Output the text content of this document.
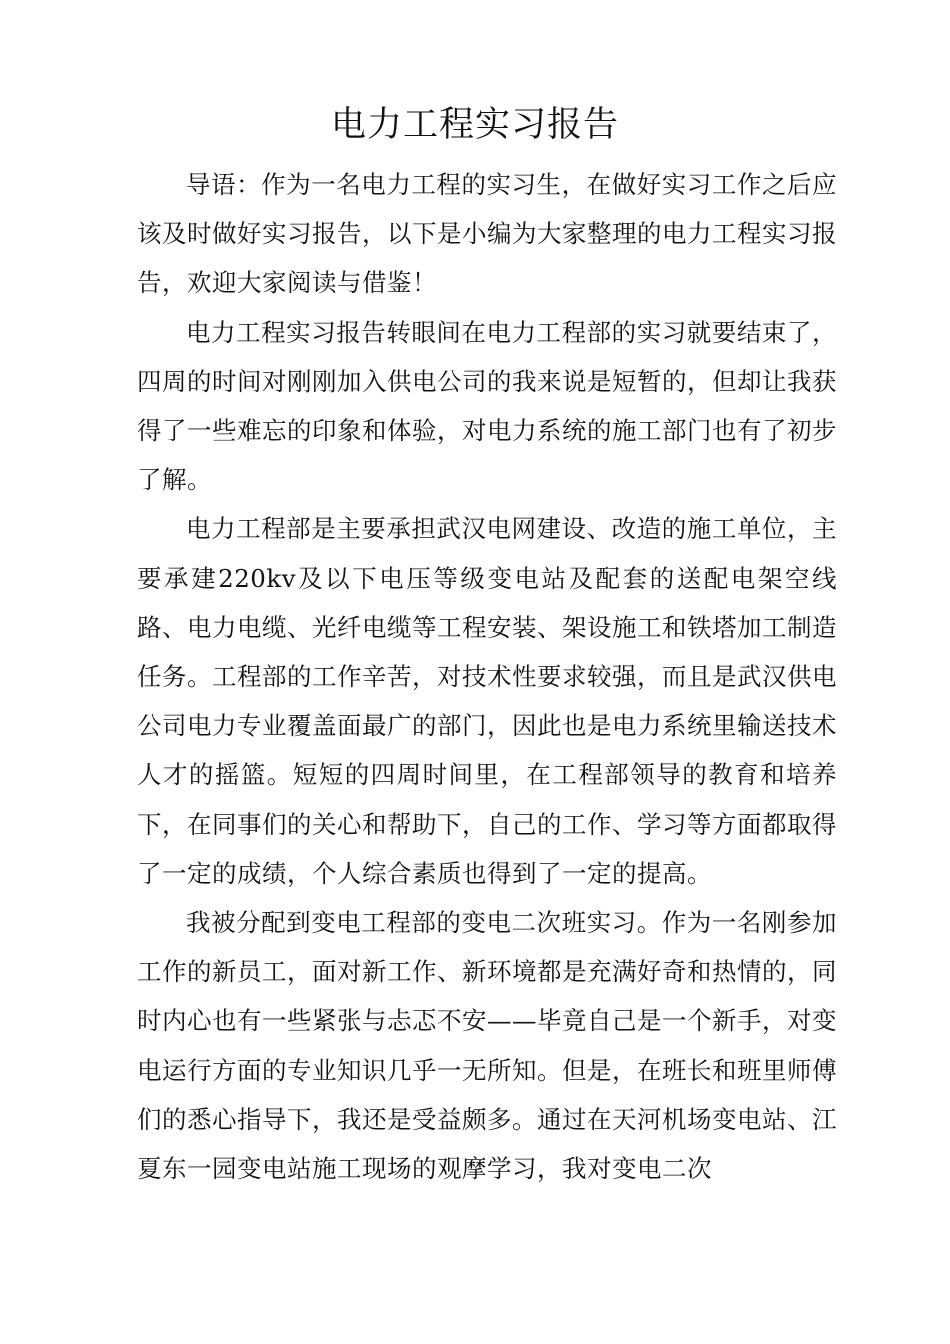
电力工程实习报告

导语：作为一名电力工程的实习生，在做好实习工作之后应该及时做好实习报告，以下是小编为大家整理的电力工程实习报告，欢迎大家阅读与借鉴！

电力工程实习报告转眼间在电力工程部的实习就要结束了，四周的时间对刚刚加入供电公司的我来说是短暂的，但却让我获得了一些难忘的印象和体验，对电力系统的施工部门也有了初步了解。

电力工程部是主要承担武汉电网建设、改造的施工单位，主要承建220kv及以下电压等级变电站及配套的送配电架空线路、电力电缆、光纤电缆等工程安装、架设施工和铁塔加工制造任务。工程部的工作辛苦，对技术性要求较强，而且是武汉供电公司电力专业覆盖面最广的部门，因此也是电力系统里输送技术人才的摇篮。短短的四周时间里，在工程部领导的教育和培养下，在同事们的关心和帮助下，自己的工作、学习等方面都取得了一定的成绩，个人综合素质也得到了一定的提高。

我被分配到变电工程部的变电二次班实习。作为一名刚参加工作的新员工，面对新工作、新环境都是充满好奇和热情的，同时内心也有一些紧张与忐忑不安——毕竟自己是一个新手，对变电运行方面的专业知识几乎一无所知。但是，在班长和班里师傅们的悉心指导下，我还是受益颇多。通过在天河机场变电站、江夏东一园变电站施工现场的观摩学习，我对变电二次
